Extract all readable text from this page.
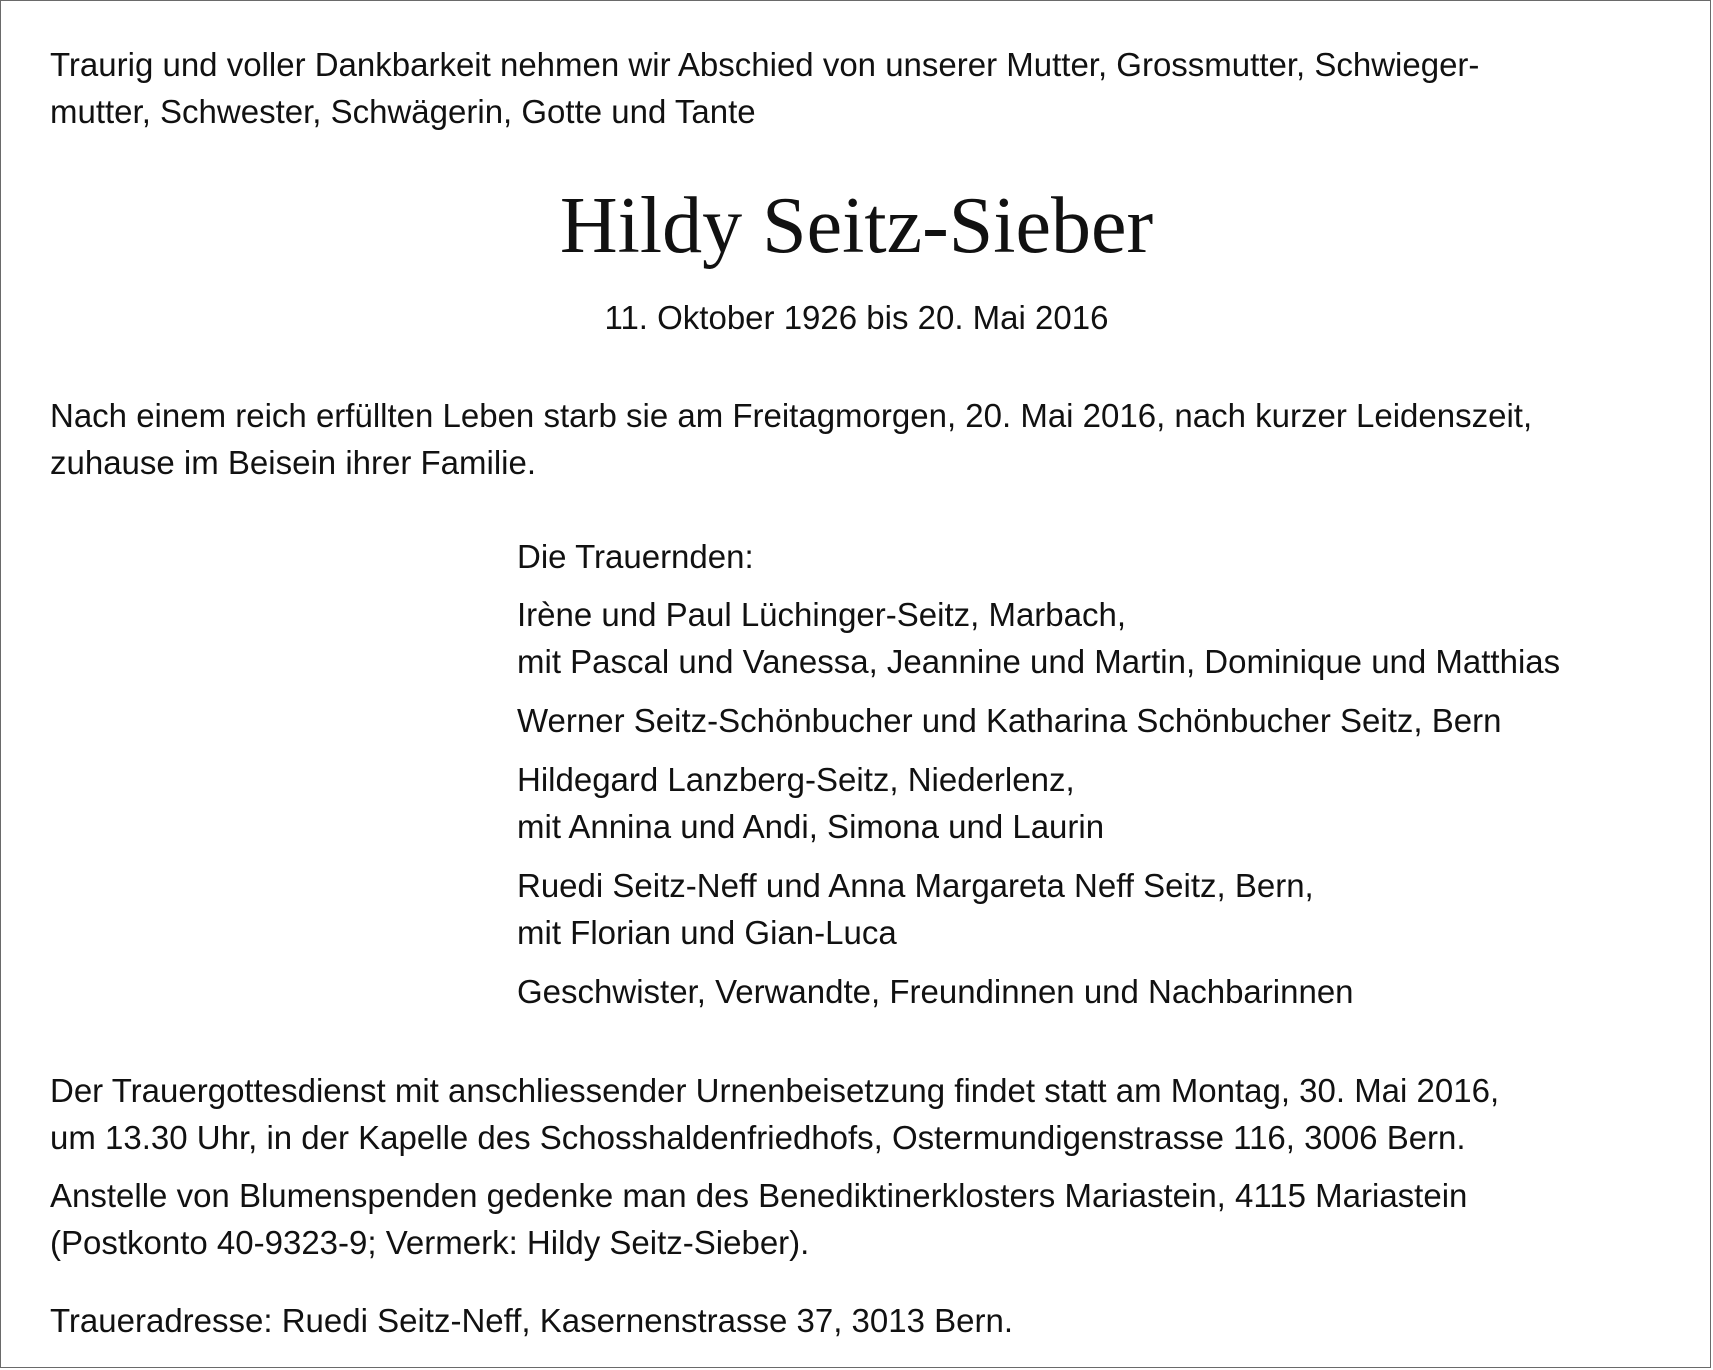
Traurig und voller Dankbarkeit nehmen wir Abschied von unserer Mutter, Grossmutter, Schwieger-

mutter, Schwester, Schwägerin, Gotte und Tante

Hildy Seitz-Sieber
11. Oktober 1926 bis 20. Mai 2016

Nach einem reich erfüllten Leben starb sie am Freitagmorgen, 20. Mai 2016, nach kurzer Leidenszeit,

zuhause im Beisein ihrer Familie.

Die Trauernden:

Irène und Paul Lüchinger-Seitz, Marbach,

mit Pascal und Vanessa, Jeannine und Martin, Dominique und Matthias

Werner Seitz-Schönbucher und Katharina Schönbucher Seitz, Bern

Hildegard Lanzberg-Seitz, Niederlenz,

mit Annina und Andi, Simona und Laurin

Ruedi Seitz-Neff und Anna Margareta Neff Seitz, Bern,

mit Florian und Gian-Luca

Geschwister, Verwandte, Freundinnen und Nachbarinnen

Der Trauergottesdienst mit anschliessender Urnenbeisetzung findet statt am Montag, 30. Mai 2016,

um 13.30 Uhr, in der Kapelle des Schosshaldenfriedhofs, Ostermundigenstrasse 116, 3006 Bern.

Anstelle von Blumenspenden gedenke man des Benediktinerklosters Mariastein, 4115 Mariastein

(Postkonto 40-9323-9; Vermerk: Hildy Seitz-Sieber).

Traueradresse: Ruedi Seitz-Neff, Kasernenstrasse 37, 3013 Bern.
